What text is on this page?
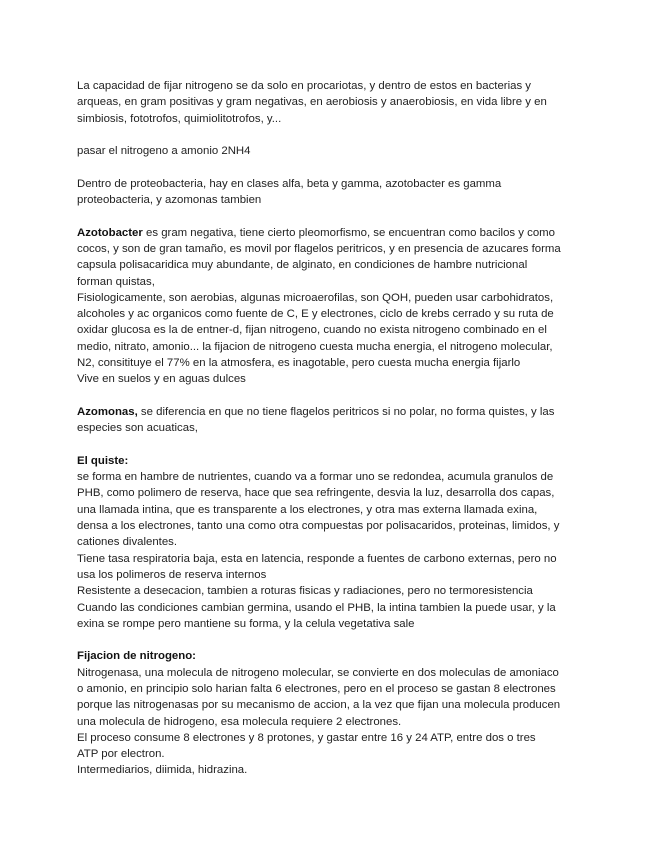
La capacidad de fijar nitrogeno se da solo en procariotas, y dentro de estos en bacterias y
arqueas, en gram positivas y gram negativas, en aerobiosis y anaerobiosis, en vida libre y en
simbiosis, fototrofos, quimiolitotrofos, y...
pasar el nitrogeno a amonio 2NH4
Dentro de proteobacteria, hay en clases alfa, beta y gamma, azotobacter es gamma
proteobacteria, y azomonas tambien
Azotobacter es gram negativa, tiene cierto pleomorfismo, se encuentran como bacilos y como
cocos, y son de gran tamaño, es movil por flagelos peritricos, y en presencia de azucares forma
capsula polisacaridica muy abundante, de alginato, en condiciones de hambre nutricional
forman quistas,
Fisiologicamente, son aerobias, algunas microaerofilas, son QOH, pueden usar carbohidratos,
alcoholes y ac organicos como fuente de C, E y electrones, ciclo de krebs cerrado y su ruta de
oxidar glucosa es la de entner-d, fijan nitrogeno, cuando no exista nitrogeno combinado en el
medio, nitrato, amonio... la fijacion de nitrogeno cuesta mucha energia, el nitrogeno molecular,
N2, consitituye el 77% en la atmosfera, es inagotable, pero cuesta mucha energia fijarlo
Vive en suelos y en aguas dulces
Azomonas, se diferencia en que no tiene flagelos peritricos si no polar, no forma quistes, y las
especies son acuaticas,
El quiste:
se forma en hambre de nutrientes, cuando va a formar uno se redondea, acumula granulos de
PHB, como polimero de reserva, hace que sea refringente, desvia la luz, desarrolla dos capas,
una llamada intina, que es transparente a los electrones, y otra mas externa llamada exina,
densa a los electrones, tanto una como otra compuestas por polisacaridos, proteinas, limidos, y
cationes divalentes.
Tiene tasa respiratoria baja, esta en latencia, responde a fuentes de carbono externas, pero no
usa los polimeros de reserva internos
Resistente a desecacion, tambien a roturas fisicas y radiaciones, pero no termoresistencia
Cuando las condiciones cambian germina, usando el PHB, la intina tambien la puede usar, y la
exina se rompe pero mantiene su forma, y la celula vegetativa sale
Fijacion de nitrogeno:
Nitrogenasa, una molecula de nitrogeno molecular, se convierte en dos moleculas de amoniaco
o amonio, en principio solo harian falta 6 electrones, pero en el proceso se gastan 8 electrones
porque las nitrogenasas por su mecanismo de accion, a la vez que fijan una molecula producen
una molecula de hidrogeno, esa molecula requiere 2 electrones.
El proceso consume 8 electrones y 8 protones, y gastar entre 16 y 24 ATP, entre dos o tres
ATP por electron.
Intermediarios, diimida, hidrazina.
